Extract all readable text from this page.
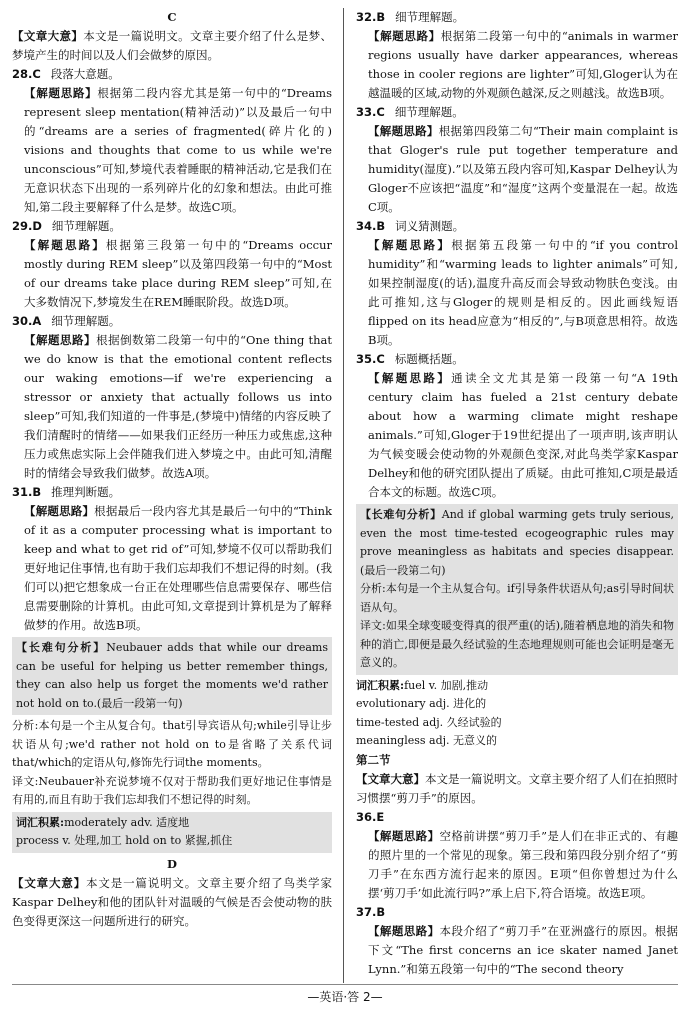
C

【文章大意】本文是一篇说明文。文章主要介绍了什么是梦、梦境产生的时间以及人们会做梦的原因。

28.C 段落大意题。

【解题思路】根据第二段内容尤其是第一句中的“Dreams represent sleep mentation(精神活动)”以及最后一句中的“dreams are a series of fragmented(碎片化的) visions and thoughts that come to us while we're unconscious”可知,梦境代表着睡眠的精神活动,它是我们在无意识状态下出现的一系列碎片化的幻象和想法。由此可推知,第二段主要解释了什么是梦。故选C项。

29.D 细节理解题。

【解题思路】根据第三段第一句中的“Dreams occur mostly during REM sleep”以及第四段第一句中的“Most of our dreams take place during REM sleep”可知,在大多数情况下,梦境发生在REM睡眠阶段。故选D项。

30.A 细节理解题。

【解题思路】根据倒数第二段第一句中的“One thing that we do know is that the emotional content reflects our waking emotions—if we're experiencing a stressor or anxiety that actually follows us into sleep”可知,我们知道的一件事是,(梦境中)情绪的内容反映了我们清醒时的情绪——如果我们正经历一种压力或焦虑,这种压力或焦虑实际上会伴随我们进入梦境之中。由此可知,清醒时的情绪会导致我们做梦。故选A项。

31.B 推理判断题。

【解题思路】根据最后一段内容尤其是最后一句中的“Think of it as a computer processing what is important to keep and what to get rid of”可知,梦境不仅可以帮助我们更好地记住事情,也有助于我们忘却我们不想记得的时刻。(我们可以)把它想象成一台正在处理哪些信息需要保存、哪些信息需要删除的计算机。由此可知,文章提到计算机是为了解释做梦的作用。故选B项。

【长难句分析】Neubauer adds that while our dreams can be useful for helping us better remember things, they can also help us forget the moments we'd rather not hold on to.(最后一段第一句)

分析:本句是一个主从复合句。that引导宾语从句;while引导让步状语从句;we'd rather not hold on to是省略了关系代词that/which的定语从句,修饰先行词the moments。

译文:Neubauer补充说梦境不仅对于帮助我们更好地记住事情是有用的,而且有助于我们忘却我们不想记得的时刻。

词汇积累:moderately adv. 适度地
process v. 处理,加工 hold on to 紧握,抓住
D

【文章大意】本文是一篇说明文。文章主要介绍了鸟类学家Kaspar Delhey和他的团队针对温暖的气候是否会使动物的肤色变得更深这一问题所进行的研究。

32.B 细节理解题。

【解题思路】根据第二段第一句中的“animals in warmer regions usually have darker appearances, whereas those in cooler regions are lighter”可知,Gloger认为在越温暖的区域,动物的外观颜色越深,反之则越浅。故选B项。

33.C 细节理解题。

【解题思路】根据第四段第二句“Their main complaint is that Gloger's rule put together temperature and humidity(湿度).”以及第五段内容可知,Kaspar Delhey认为Gloger不应该把“温度”和“湿度”这两个变量混在一起。故选C项。

34.B 词义猜测题。

【解题思路】根据第五段第一句中的“if you control humidity”和“warming leads to lighter animals”可知,如果控制湿度(的话),温度升高反而会导致动物肤色变浅。由此可推知,这与Gloger的规则是相反的。因此画线短语flipped on its head应意为“相反的”,与B项意思相符。故选B项。

35.C 标题概括题。

【解题思路】通读全文尤其是第一段第一句“A 19th century claim has fueled a 21st century debate about how a warming climate might reshape animals.”可知,Gloger于19世纪提出了一项声明,该声明认为气候变暖会使动物的外观颜色变深,对此鸟类学家Kaspar Delhey和他的研究团队提出了质疑。由此可推知,C项是最适合本文的标题。故选C项。

【长难句分析】And if global warming gets truly serious, even the most time-tested ecogeographic rules may prove meaningless as habitats and species disappear.(最后一段第二句)

分析:本句是一个主从复合句。if引导条件状语从句;as引导时间状语从句。

译文:如果全球变暖变得真的很严重(的话),随着栖息地的消失和物种的消亡,即便是最久经试验的生态地理规则可能也会证明是毫无意义的。

词汇积累:fuel v. 加剧,推动
evolutionary adj. 进化的
time-tested adj. 久经试验的
meaningless adj. 无意义的
第二节

【文章大意】本文是一篇说明文。文章主要介绍了人们在拍照时习惯摆“剪刀手”的原因。

36.E

【解题思路】空格前讲摆“剪刀手”是人们在非正式的、有趣的照片里的一个常见的现象。第三段和第四段分别介绍了“剪刀手”在东西方流行起来的原因。E项“但你曾想过为什么摆‘剪刀手’如此流行吗?”承上启下,符合语境。故选E项。

37.B

【解题思路】本段介绍了“剪刀手”在亚洲盛行的原因。根据下文“The first concerns an ice skater named Janet Lynn.”和第五段第一句中的“The second theory

—英语·答 2—
